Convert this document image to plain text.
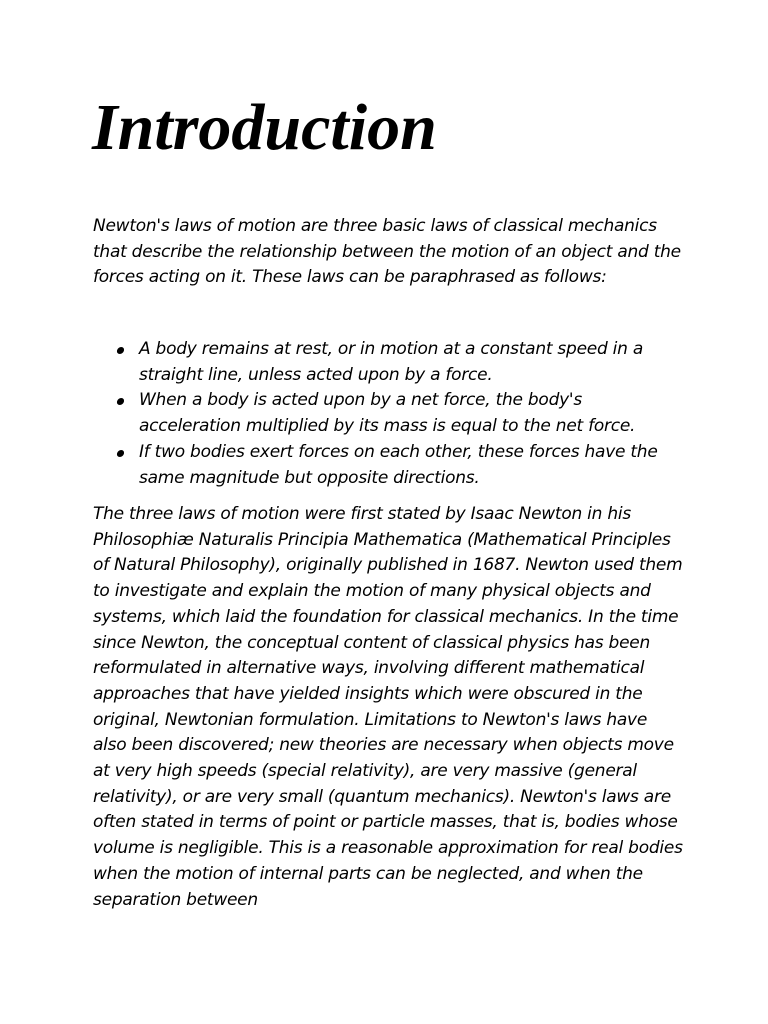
Introduction

Newton's laws of motion are three basic laws of classical mechanics that describe the relationship between the motion of an object and the forces acting on it. These laws can be paraphrased as follows:

A body remains at rest, or in motion at a constant speed in a straight line, unless acted upon by a force.
When a body is acted upon by a net force, the body's acceleration multiplied by its mass is equal to the net force.
If two bodies exert forces on each other, these forces have the same magnitude but opposite directions.

The three laws of motion were first stated by Isaac Newton in his Philosophiæ Naturalis Principia Mathematica (Mathematical Principles of Natural Philosophy), originally published in 1687. Newton used them to investigate and explain the motion of many physical objects and systems, which laid the foundation for classical mechanics. In the time since Newton, the conceptual content of classical physics has been reformulated in alternative ways, involving different mathematical approaches that have yielded insights which were obscured in the original, Newtonian formulation. Limitations to Newton's laws have also been discovered; new theories are necessary when objects move at very high speeds (special relativity), are very massive (general relativity), or are very small (quantum mechanics). Newton's laws are often stated in terms of point or particle masses, that is, bodies whose volume is negligible. This is a reasonable approximation for real bodies when the motion of internal parts can be neglected, and when the separation between
